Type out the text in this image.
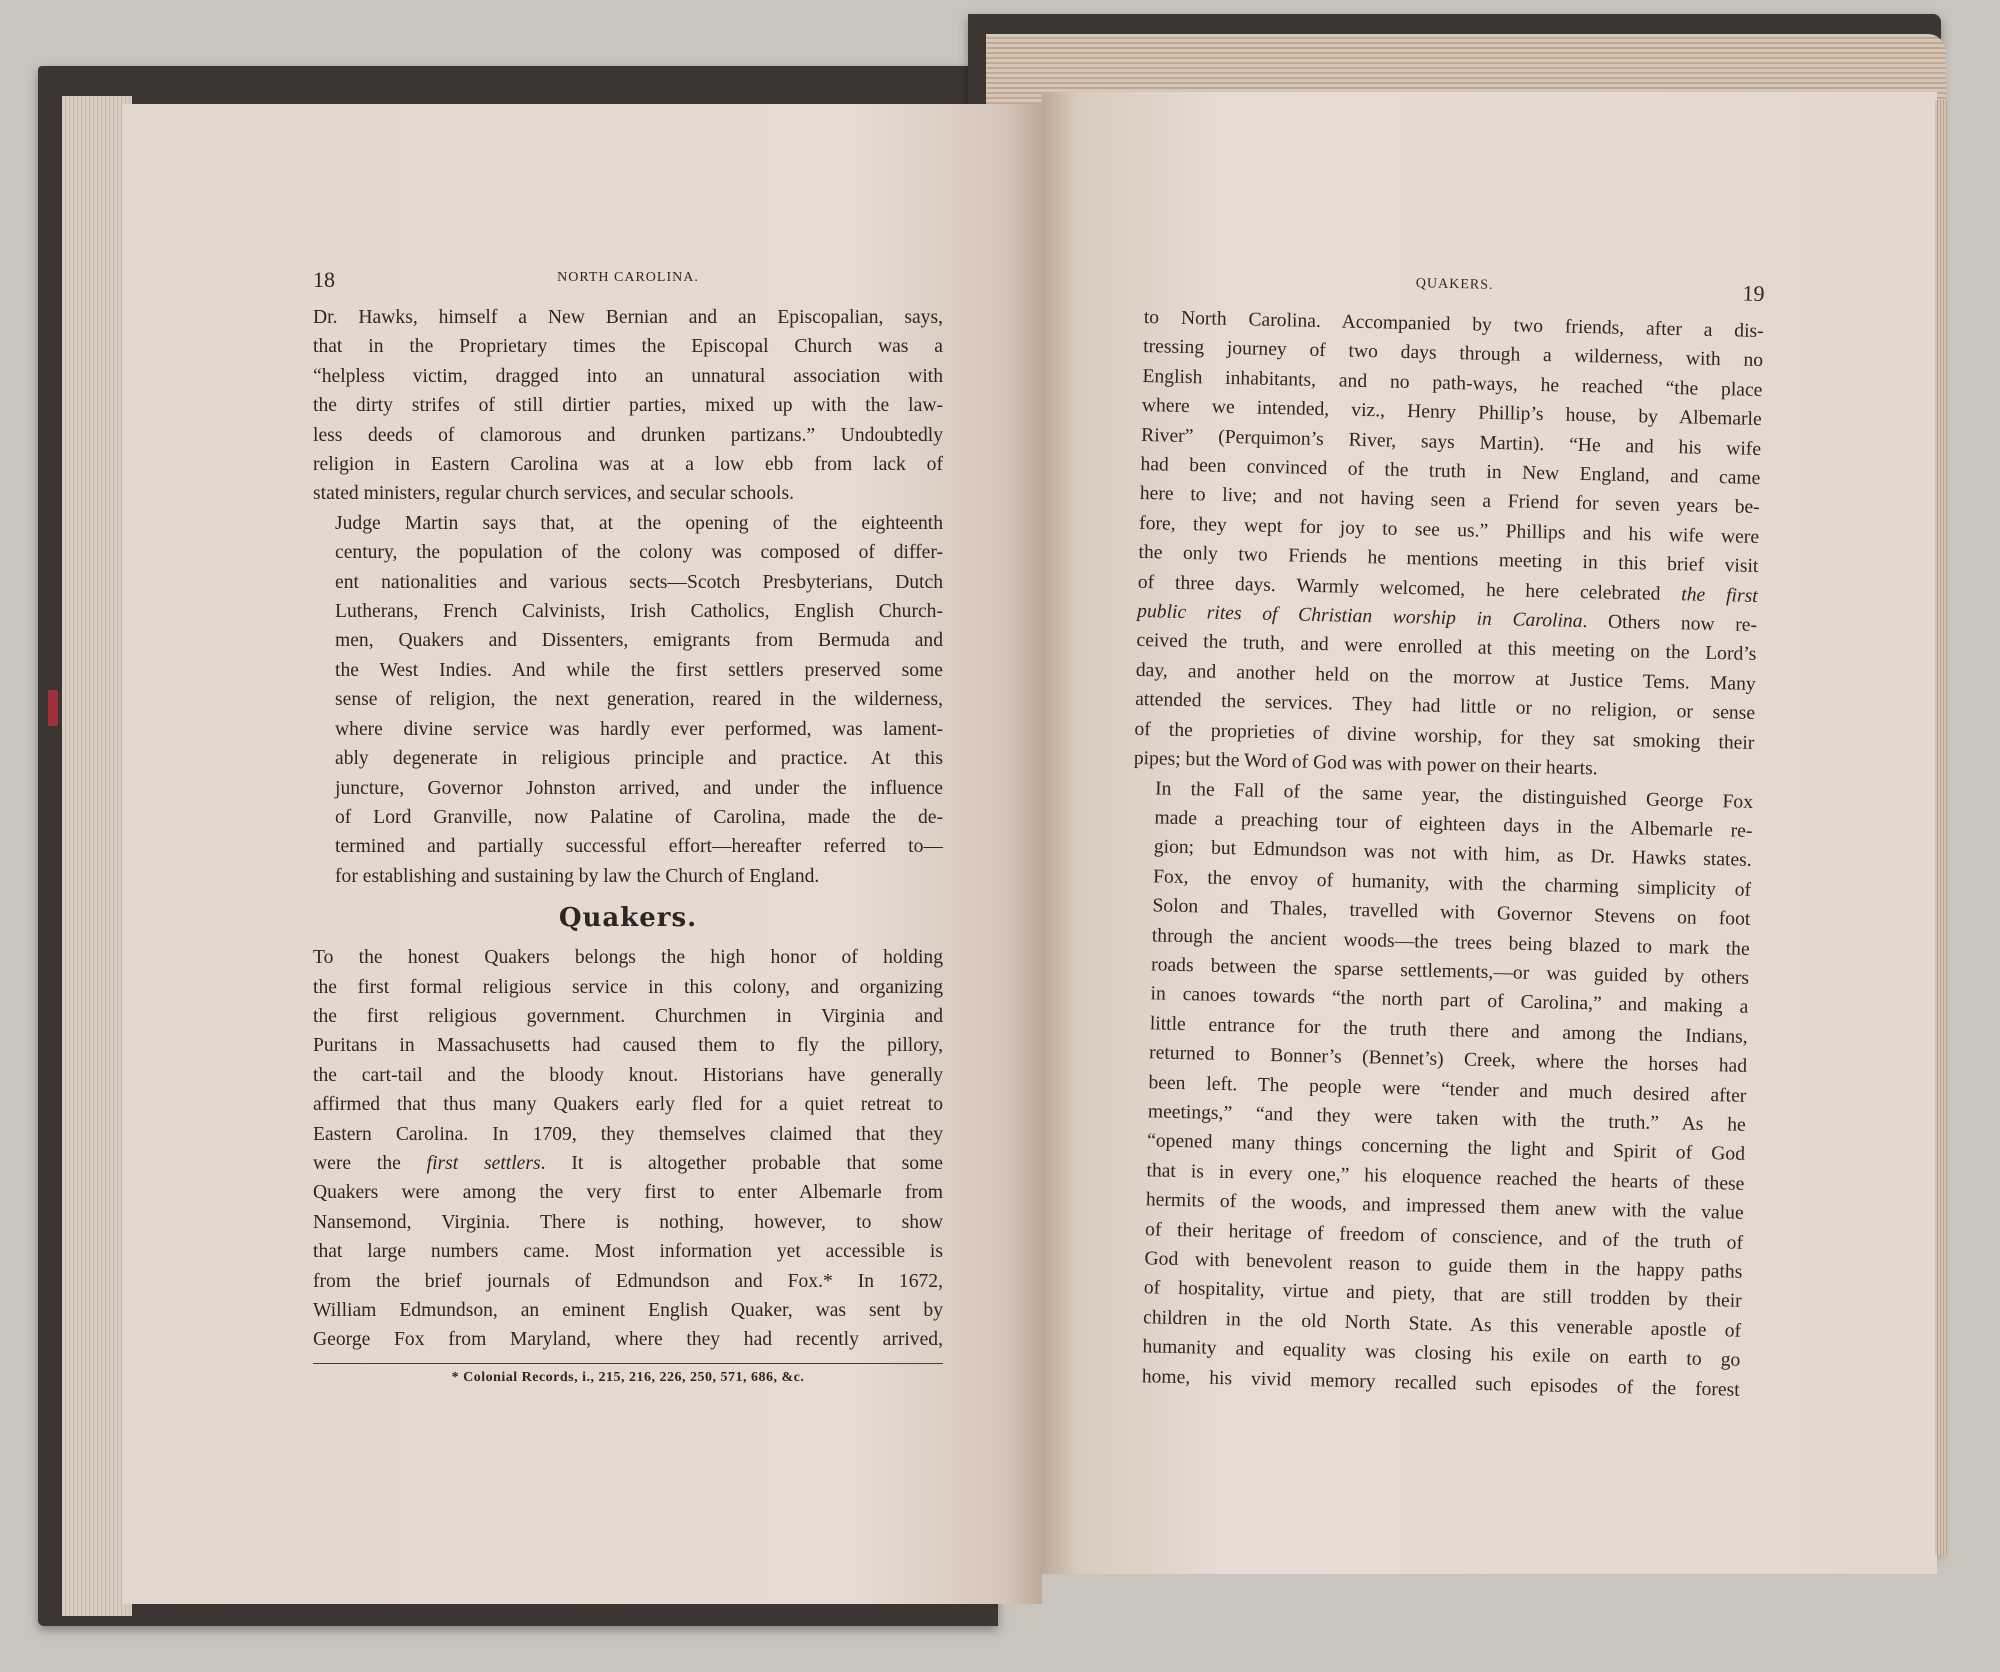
18	NORTH CAROLINA.

Dr. Hawks, himself a New Bernian and an Episcopalian, says,
that in the Proprietary times the Episcopal Church was a
“helpless victim, dragged into an unnatural association with
the dirty strifes of still dirtier parties, mixed up with the law-
less deeds of clamorous and drunken partizans.” Undoubtedly
religion in Eastern Carolina was at a low ebb from lack of
stated ministers, regular church services, and secular schools.

Judge Martin says that, at the opening of the eighteenth
century, the population of the colony was composed of differ-
ent nationalities and various sects—Scotch Presbyterians, Dutch
Lutherans, French Calvinists, Irish Catholics, English Church-
men, Quakers and Dissenters, emigrants from Bermuda and
the West Indies. And while the first settlers preserved some
sense of religion, the next generation, reared in the wilderness,
where divine service was hardly ever performed, was lament-
ably degenerate in religious principle and practice. At this
juncture, Governor Johnston arrived, and under the influence
of Lord Granville, now Palatine of Carolina, made the de-
termined and partially successful effort—hereafter referred to—
for establishing and sustaining by law the Church of England.

Quakers.

To the honest Quakers belongs the high honor of holding
the first formal religious service in this colony, and organizing
the first religious government. Churchmen in Virginia and
Puritans in Massachusetts had caused them to fly the pillory,
the cart-tail and the bloody knout. Historians have generally
affirmed that thus many Quakers early fled for a quiet retreat to
Eastern Carolina. In 1709, they themselves claimed that they

were the first settlers. It is altogether probable that some

Quakers were among the very first to enter Albemarle from
Nansemond, Virginia. There is nothing, however, to show
that large numbers came. Most information yet accessible is
from the brief journals of Edmundson and Fox.* In 1672,
William Edmundson, an eminent English Quaker, was sent by
George Fox from Maryland, where they had recently arrived,

* Colonial Records, i., 215, 216, 226, 250, 571, 686, &c.
QUAKERS.	19

to North Carolina. Accompanied by two friends, after a dis-
tressing journey of two days through a wilderness, with no
English inhabitants, and no path-ways, he reached “the place
where we intended, viz., Henry Phillip’s house, by Albemarle
River” (Perquimon’s River, says Martin). “He and his wife
had been convinced of the truth in New England, and came
here to live; and not having seen a Friend for seven years be-
fore, they wept for joy to see us.” Phillips and his wife were
the only two Friends he mentions meeting in this brief visit

of three days. Warmly welcomed, he here celebrated the first
public rites of Christian worship in Carolina. Others now re-

ceived the truth, and were enrolled at this meeting on the Lord’s
day, and another held on the morrow at Justice Tems. Many
attended the services. They had little or no religion, or sense
of the proprieties of divine worship, for they sat smoking their
pipes; but the Word of God was with power on their hearts.

In the Fall of the same year, the distinguished George Fox
made a preaching tour of eighteen days in the Albemarle re-
gion; but Edmundson was not with him, as Dr. Hawks states.
Fox, the envoy of humanity, with the charming simplicity of
Solon and Thales, travelled with Governor Stevens on foot
through the ancient woods—the trees being blazed to mark the
roads between the sparse settlements,—or was guided by others
in canoes towards “the north part of Carolina,” and making a
little entrance for the truth there and among the Indians,
returned to Bonner’s (Bennet’s) Creek, where the horses had
been left. The people were “tender and much desired after
meetings,” “and they were taken with the truth.” As he
“opened many things concerning the light and Spirit of God
that is in every one,” his eloquence reached the hearts of these
hermits of the woods, and impressed them anew with the value
of their heritage of freedom of conscience, and of the truth of
God with benevolent reason to guide them in the happy paths
of hospitality, virtue and piety, that are still trodden by their
children in the old North State. As this venerable apostle of
humanity and equality was closing his exile on earth to go
home, his vivid memory recalled such episodes of the forest
